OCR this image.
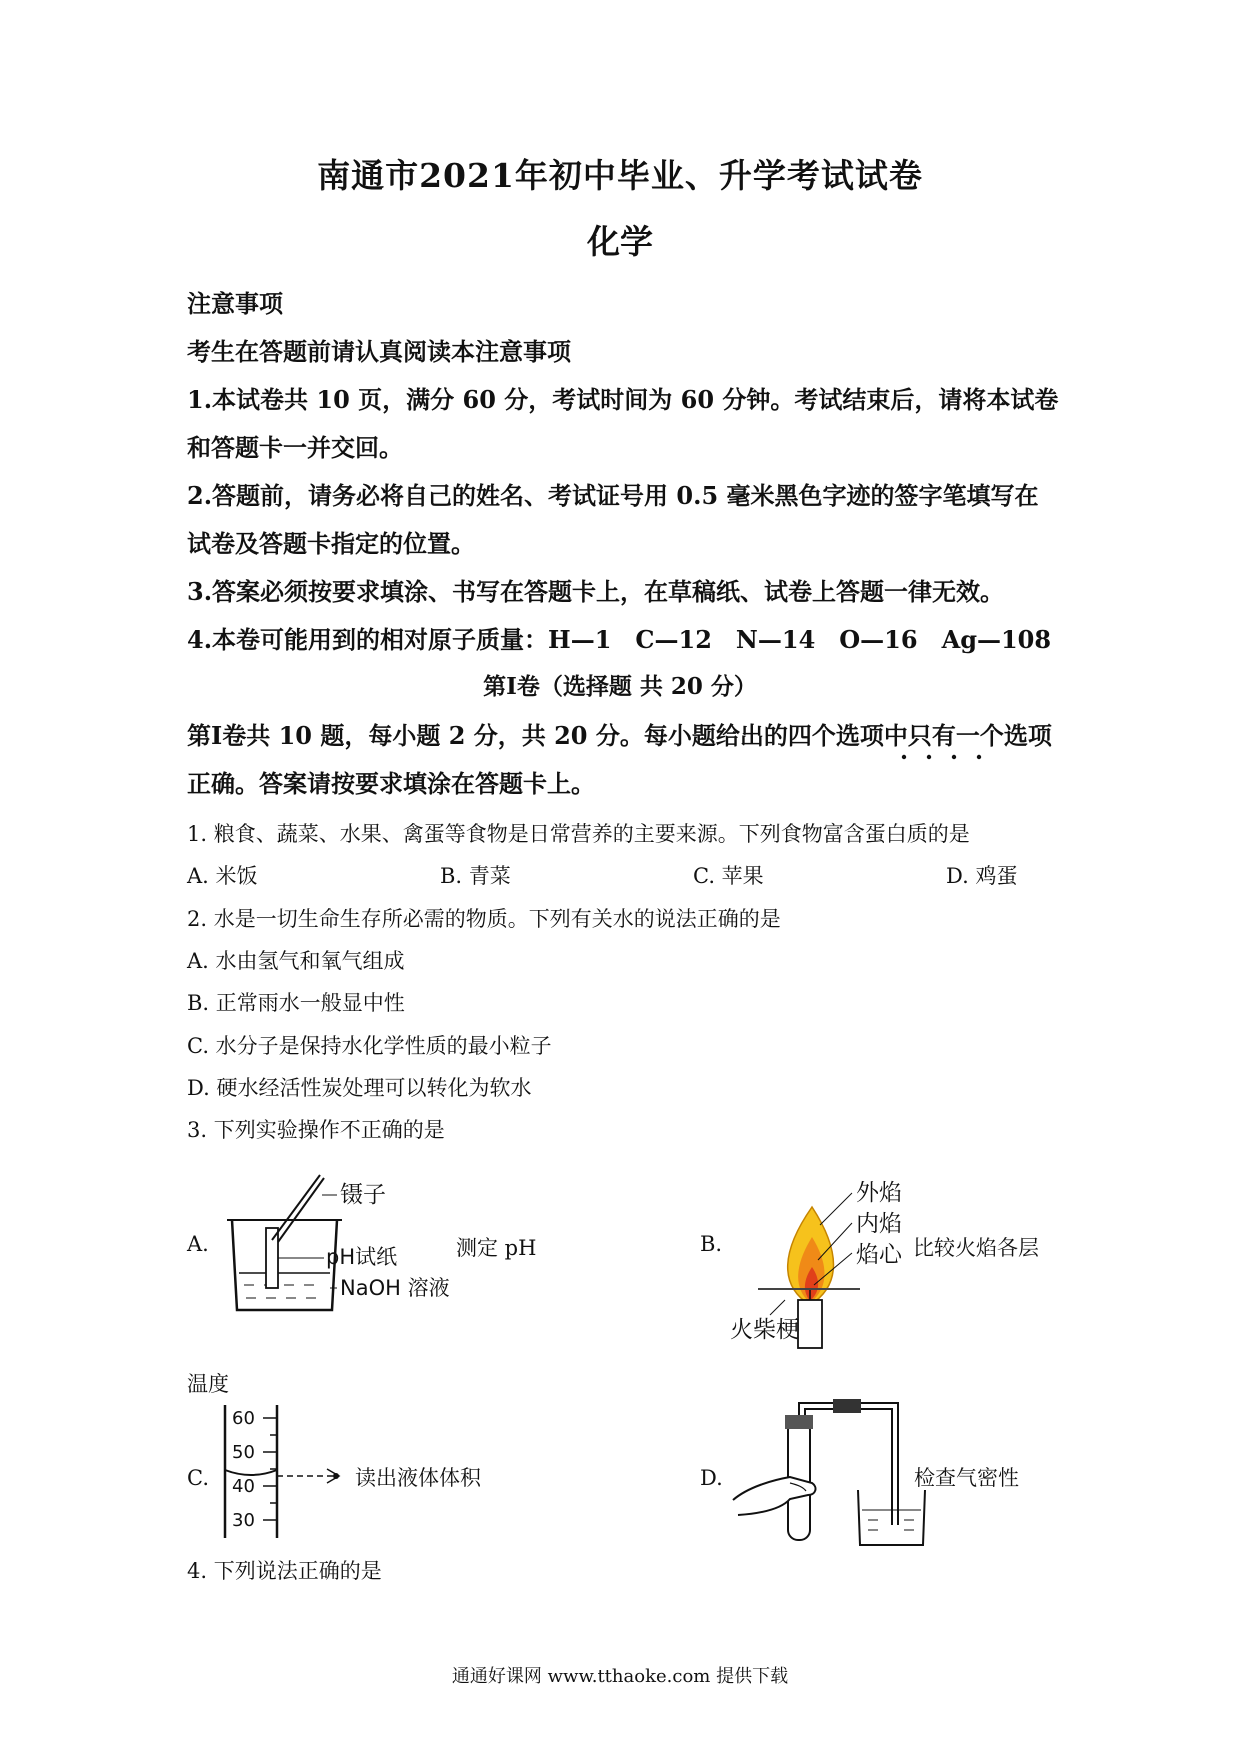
南通市2021年初中毕业、升学考试试卷
化学
注意事项
考生在答题前请认真阅读本注意事项
1.本试卷共 10 页，满分 60 分，考试时间为 60 分钟。考试结束后，请将本试卷
和答题卡一并交回。
2.答题前，请务必将自己的姓名、考试证号用 0.5 毫米黑色字迹的签字笔填写在
试卷及答题卡指定的位置。
3.答案必须按要求填涂、书写在答题卡上，在草稿纸、试卷上答题一律无效。
4.本卷可能用到的相对原子质量：H—1　C—12　N—14　O—16　Ag—108
第Ⅰ卷（选择题 共 20 分）
第Ⅰ卷共 10 题，每小题 2 分，共 20 分。每小题给出的四个选项中只有一个选项
正确。答案请按要求填涂在答题卡上。
1. 粮食、蔬菜、水果、禽蛋等食物是日常营养的主要来源。下列食物富含蛋白质的是
A. 米饭	B. 青菜	C. 苹果	D. 鸡蛋
2. 水是一切生命生存所必需的物质。下列有关水的说法正确的是
A. 水由氢气和氧气组成
B. 正常雨水一般显中性
C. 水分子是保持水化学性质的最小粒子
D. 硬水经活性炭处理可以转化为软水
3. 下列实验操作不正确的是
A.
镊子
pH试纸
NaOH 溶液
测定 pH	B.
外焰
内焰
焰心
火柴梗
比较火焰各层
温度
C.
60
50
40
30
读出液体体积	D.	检查气密性
4. 下列说法正确的是
通通好课网 www.tthaoke.com 提供下载
